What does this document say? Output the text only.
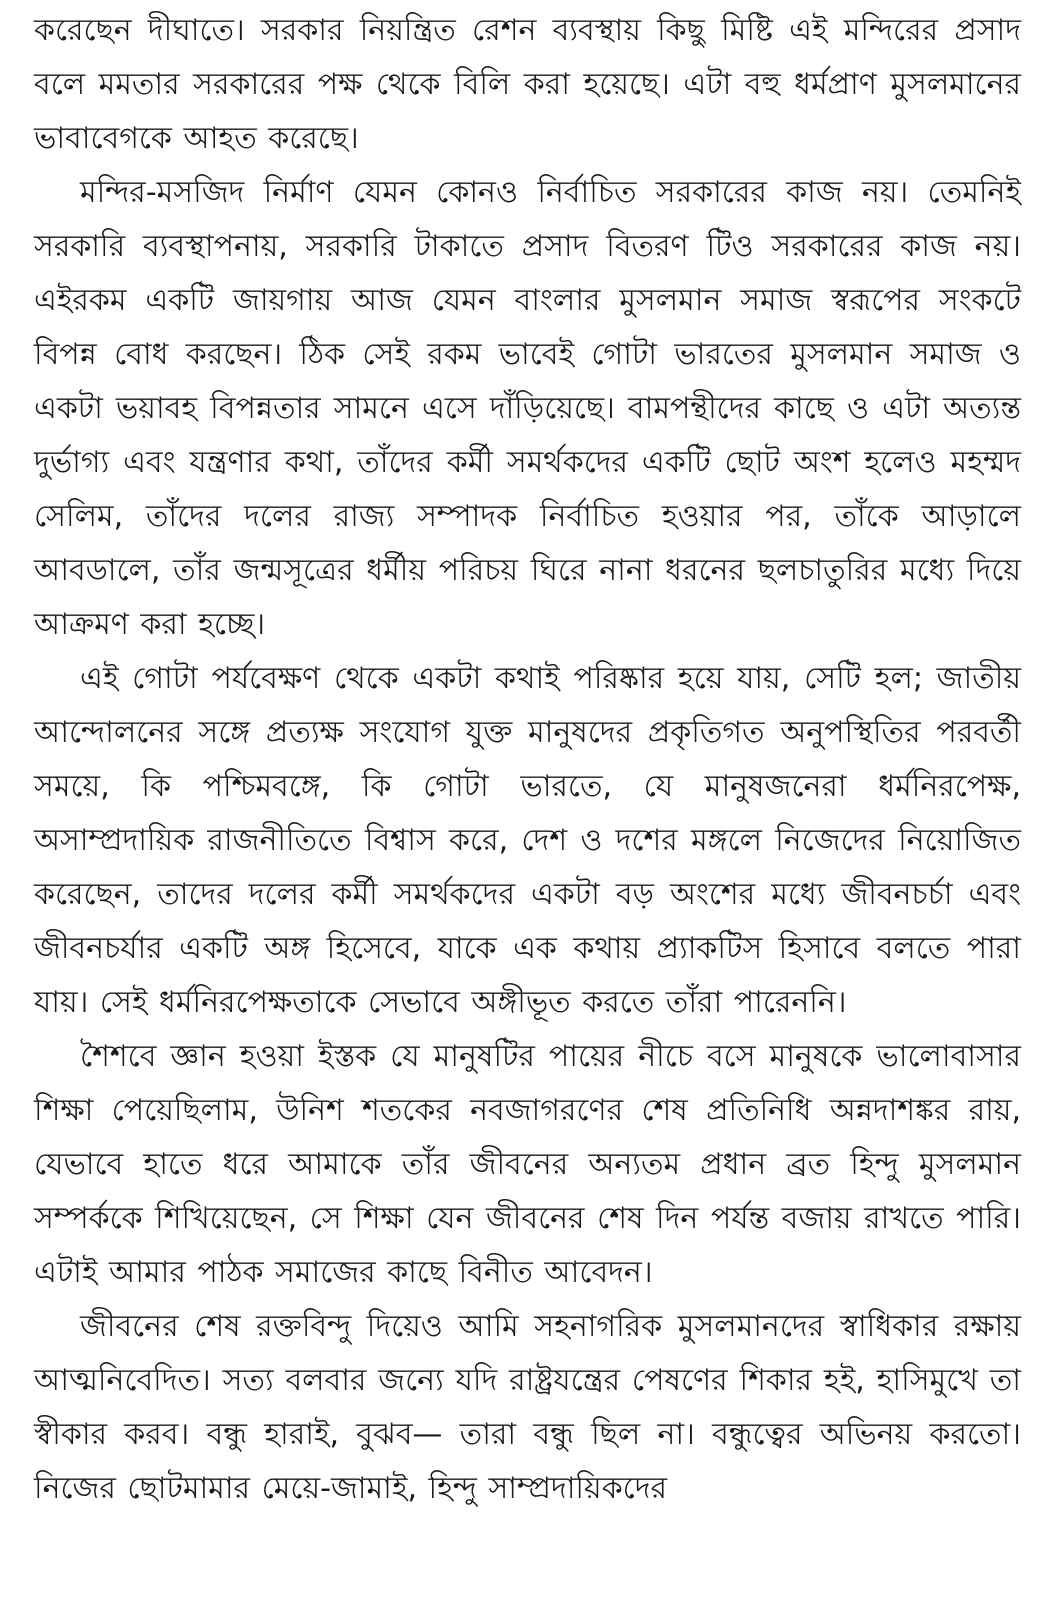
করেছেন দীঘাতে। সরকার নিয়ন্ত্রিত রেশন ব্যবস্থায় কিছু মিষ্টি এই মন্দিরের প্রসাদ বলে মমতার সরকারের পক্ষ থেকে বিলি করা হয়েছে। এটা বহু ধর্মপ্রাণ মুসলমানের ভাবাবেগকে আহত করেছে।

মন্দির-মসজিদ নির্মাণ যেমন কোনও নির্বাচিত সরকারের কাজ নয়। তেমনিই সরকারি ব্যবস্থাপনায়, সরকারি টাকাতে প্রসাদ বিতরণ টিও সরকারের কাজ নয়। এইরকম একটি জায়গায় আজ যেমন বাংলার মুসলমান সমাজ স্বরূপের সংকটে বিপন্ন বোধ করছেন। ঠিক সেই রকম ভাবেই গোটা ভারতের মুসলমান সমাজ ও একটা ভয়াবহ বিপন্নতার সামনে এসে দাঁড়িয়েছে। বামপন্থীদের কাছে ও এটা অত্যন্ত দুর্ভাগ্য এবং যন্ত্রণার কথা, তাঁদের কর্মী সমর্থকদের একটি ছোট অংশ হলেও মহম্মদ সেলিম, তাঁদের দলের রাজ্য সম্পাদক নির্বাচিত হওয়ার পর, তাঁকে আড়ালে আবডালে, তাঁর জন্মসূত্রের ধর্মীয় পরিচয় ঘিরে নানা ধরনের ছলচাতুরির মধ্যে দিয়ে আক্রমণ করা হচ্ছে।

এই গোটা পর্যবেক্ষণ থেকে একটা কথাই পরিষ্কার হয়ে যায়, সেটি হল; জাতীয় আন্দোলনের সঙ্গে প্রত্যক্ষ সংযোগ যুক্ত মানুষদের প্রকৃতিগত অনুপস্থিতির পরবর্তী সময়ে, কি পশ্চিমবঙ্গে, কি গোটা ভারতে, যে মানুষজনেরা ধর্মনিরপেক্ষ, অসাম্প্রদায়িক রাজনীতিতে বিশ্বাস করে, দেশ ও দশের মঙ্গলে নিজেদের নিয়োজিত করেছেন, তাদের দলের কর্মী সমর্থকদের একটা বড় অংশের মধ্যে জীবনচর্চা এবং জীবনচর্যার একটি অঙ্গ হিসেবে, যাকে এক কথায় প্র্যাকটিস হিসাবে বলতে পারা যায়। সেই ধর্মনিরপেক্ষতাকে সেভাবে অঙ্গীভূত করতে তাঁরা পারেননি।

শৈশবে জ্ঞান হওয়া ইস্তক যে মানুষটির পায়ের নীচে বসে মানুষকে ভালোবাসার শিক্ষা পেয়েছিলাম, উনিশ শতকের নবজাগরণের শেষ প্রতিনিধি অন্নদাশঙ্কর রায়, যেভাবে হাতে ধরে আমাকে তাঁর জীবনের অন্যতম প্রধান ব্রত হিন্দু মুসলমান সম্পর্ককে শিখিয়েছেন, সে শিক্ষা যেন জীবনের শেষ দিন পর্যন্ত বজায় রাখতে পারি। এটাই আমার পাঠক সমাজের কাছে বিনীত আবেদন।

জীবনের শেষ রক্তবিন্দু দিয়েও আমি সহনাগরিক মুসলমানদের স্বাধিকার রক্ষায় আত্মনিবেদিত। সত্য বলবার জন্যে যদি রাষ্ট্রযন্ত্রের পেষণের শিকার হই, হাসিমুখে তা স্বীকার করব। বন্ধু হারাই, বুঝব— তারা বন্ধু ছিল না। বন্ধুত্বের অভিনয় করতো। নিজের ছোটমামার মেয়ে-জামাই, হিন্দু সাম্প্রদায়িকদের
